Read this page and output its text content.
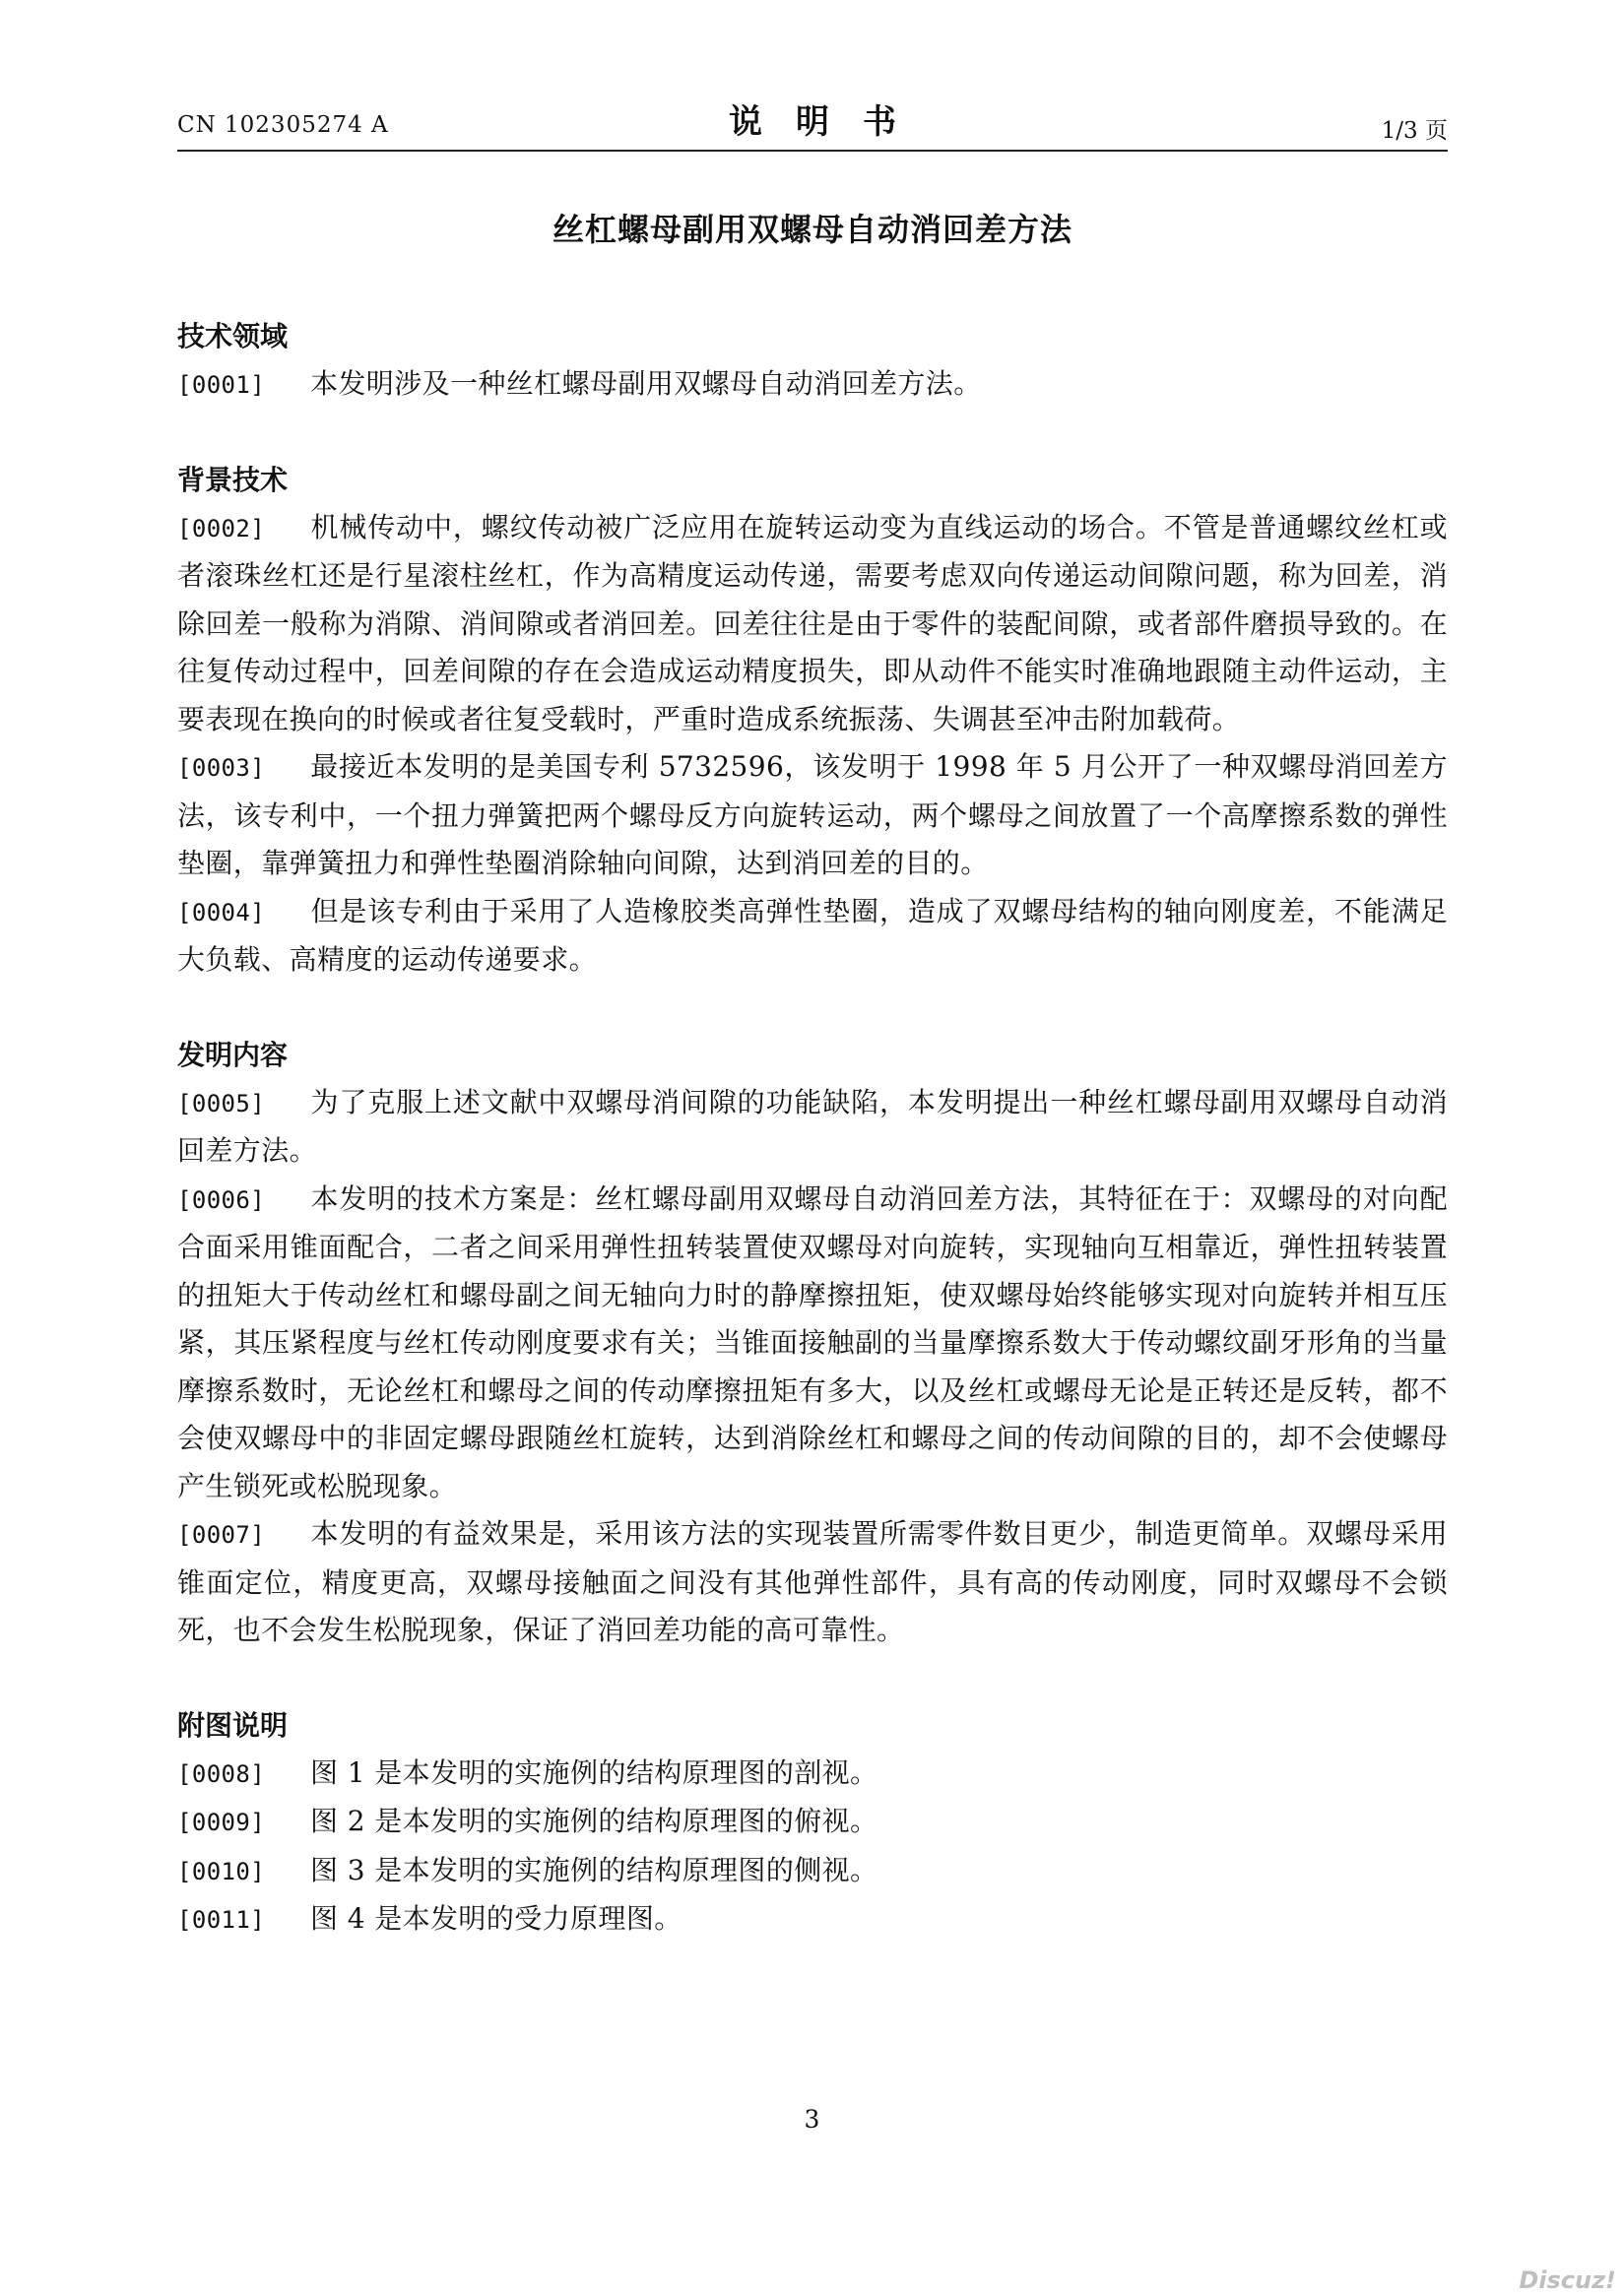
CN 102305274 A	说明书	1/3 页
丝杠螺母副用双螺母自动消回差方法
技术领域

[0001] 本发明涉及一种丝杠螺母副用双螺母自动消回差方法。

背景技术

[0002] 机械传动中，螺纹传动被广泛应用在旋转运动变为直线运动的场合。不管是普通螺纹丝杠或者滚珠丝杠还是行星滚柱丝杠，作为高精度运动传递，需要考虑双向传递运动间隙问题，称为回差，消除回差一般称为消隙、消间隙或者消回差。回差往往是由于零件的装配间隙，或者部件磨损导致的。在往复传动过程中，回差间隙的存在会造成运动精度损失，即从动件不能实时准确地跟随主动件运动，主要表现在换向的时候或者往复受载时，严重时造成系统振荡、失调甚至冲击附加载荷。

[0003] 最接近本发明的是美国专利 5732596，该发明于 1998 年 5 月公开了一种双螺母消回差方法，该专利中，一个扭力弹簧把两个螺母反方向旋转运动，两个螺母之间放置了一个高摩擦系数的弹性垫圈，靠弹簧扭力和弹性垫圈消除轴向间隙，达到消回差的目的。

[0004] 但是该专利由于采用了人造橡胶类高弹性垫圈，造成了双螺母结构的轴向刚度差，不能满足大负载、高精度的运动传递要求。

发明内容

[0005] 为了克服上述文献中双螺母消间隙的功能缺陷，本发明提出一种丝杠螺母副用双螺母自动消回差方法。

[0006] 本发明的技术方案是：丝杠螺母副用双螺母自动消回差方法，其特征在于：双螺母的对向配合面采用锥面配合，二者之间采用弹性扭转装置使双螺母对向旋转，实现轴向互相靠近，弹性扭转装置的扭矩大于传动丝杠和螺母副之间无轴向力时的静摩擦扭矩，使双螺母始终能够实现对向旋转并相互压紧，其压紧程度与丝杠传动刚度要求有关；当锥面接触副的当量摩擦系数大于传动螺纹副牙形角的当量摩擦系数时，无论丝杠和螺母之间的传动摩擦扭矩有多大，以及丝杠或螺母无论是正转还是反转，都不会使双螺母中的非固定螺母跟随丝杠旋转，达到消除丝杠和螺母之间的传动间隙的目的，却不会使螺母产生锁死或松脱现象。

[0007] 本发明的有益效果是，采用该方法的实现装置所需零件数目更少，制造更简单。双螺母采用锥面定位，精度更高，双螺母接触面之间没有其他弹性部件，具有高的传动刚度，同时双螺母不会锁死，也不会发生松脱现象，保证了消回差功能的高可靠性。

附图说明

[0008] 图 1 是本发明的实施例的结构原理图的剖视。

[0009] 图 2 是本发明的实施例的结构原理图的俯视。

[0010] 图 3 是本发明的实施例的结构原理图的侧视。

[0011] 图 4 是本发明的受力原理图。

3
Discuz!
